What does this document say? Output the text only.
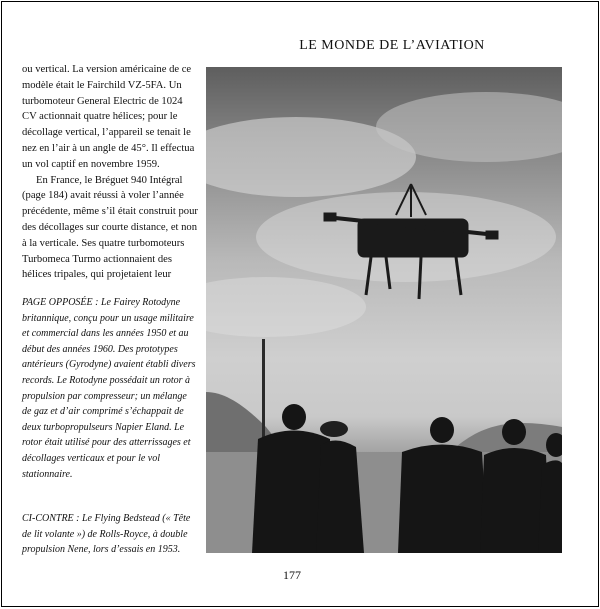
LE MONDE DE L’AVIATION

ou vertical. La version américaine de ce modèle était le Fairchild VZ-5FA. Un turbomoteur General Electric de 1024 CV actionnait quatre hélices; pour le décollage vertical, l’appareil se tenait le nez en l’air à un angle de 45°. Il effectua un vol captif en novembre 1959.

En France, le Bréguet 940 Intégral (page 184) avait réussi à voler l’année précédente, même s’il était construit pour des décollages sur courte distance, et non à la verticale. Ses quatre turbomoteurs Turbomeca Turmo actionnaient des hélices tripales, qui projetaient leur

PAGE OPPOSÉE : Le Fairey Rotodyne britannique, conçu pour un usage militaire et commercial dans les années 1950 et au début des années 1960. Des prototypes antérieurs (Gyrodyne) avaient établi divers records. Le Rotodyne possédait un rotor à propulsion par compresseur; un mélange de gaz et d’air comprimé s’échappait de deux turbopropulseurs Napier Eland. Le rotor était utilisé pour des atterrissages et décollages verticaux et pour le vol stationnaire.
CI-CONTRE : Le Flying Bedstead (« Tête de lit volante ») de Rolls-Royce, à double propulsion Nene, lors d’essais en 1953.
177
